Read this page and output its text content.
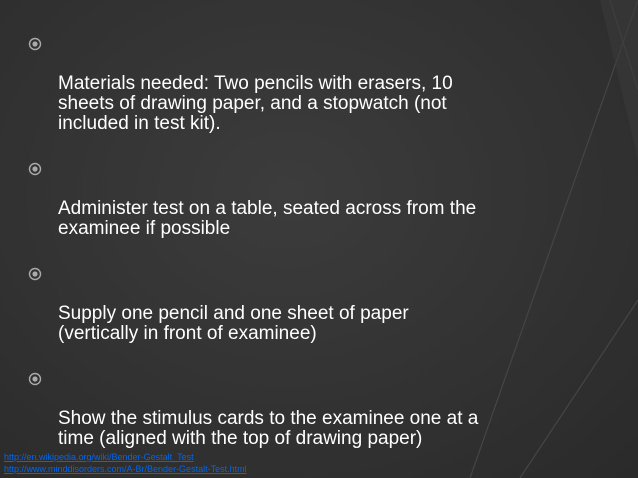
Materials needed: Two pencils with erasers, 10
sheets of drawing paper, and a stopwatch (not
included in test kit).

Administer test on a table, seated across from the
examinee if possible

Supply one pencil and one sheet of paper
(vertically in front of examinee)

Show the stimulus cards to the examinee one at a
time (aligned with the top of drawing paper)

http://en.wikipedia.org/wiki/Bender-Gestalt_Test
http://www.minddisorders.com/A-Br/Bender-Gestalt-Test.html
